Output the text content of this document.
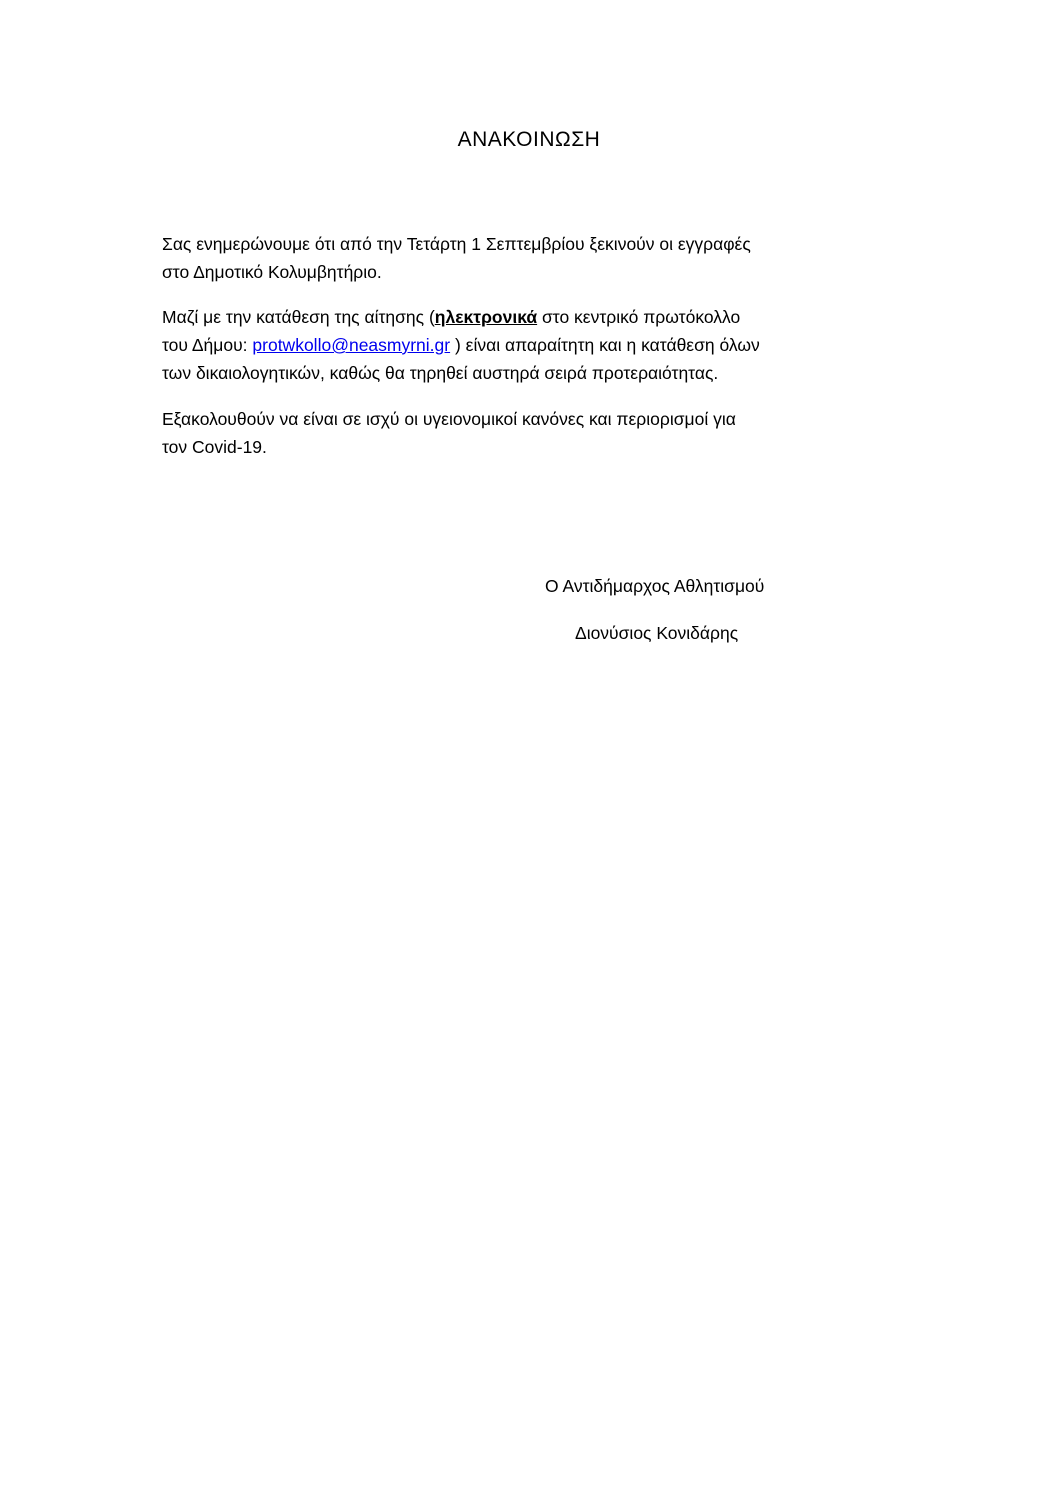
ΑΝΑΚΟΙΝΩΣΗ

Σας ενημερώνουμε ότι από την Τετάρτη 1 Σεπτεμβρίου ξεκινούν οι εγγραφές

στο Δημοτικό Κολυμβητήριο.

Μαζί με την κατάθεση της αίτησης (ηλεκτρονικά στο κεντρικό πρωτόκολλο

του Δήμου: protwkollo@neasmyrni.gr ) είναι απαραίτητη και η κατάθεση όλων

των δικαιολογητικών, καθώς θα τηρηθεί αυστηρά σειρά προτεραιότητας.

Εξακολουθούν να είναι σε ισχύ οι υγειονομικοί κανόνες και περιορισμοί για

τον Covid-19.

Ο Αντιδήμαρχος Αθλητισμού
Διονύσιος Κονιδάρης
